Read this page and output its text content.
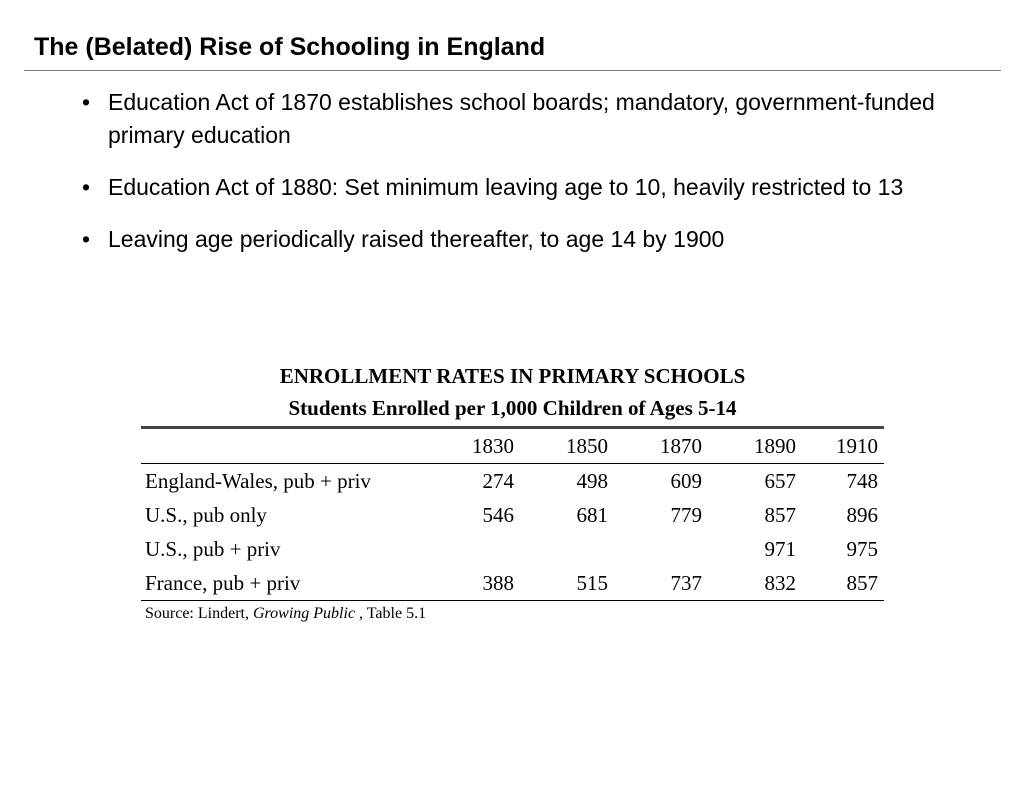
The (Belated) Rise of Schooling in England
• Education Act of 1870 establishes school boards; mandatory, government-funded primary education
• Education Act of 1880: Set minimum leaving age to 10, heavily restricted to 13
• Leaving age periodically raised thereafter, to age 14 by 1900
ENROLLMENT RATES IN PRIMARY SCHOOLS
Students Enrolled per 1,000 Children of Ages 5-14
	1830	1850	1870	1890	1910
England-Wales, pub + priv	274	498	609	657	748
U.S., pub only	546	681	779	857	896
U.S., pub + priv				971	975
France, pub + priv	388	515	737	832	857
Source: Lindert, Growing Public , Table 5.1
